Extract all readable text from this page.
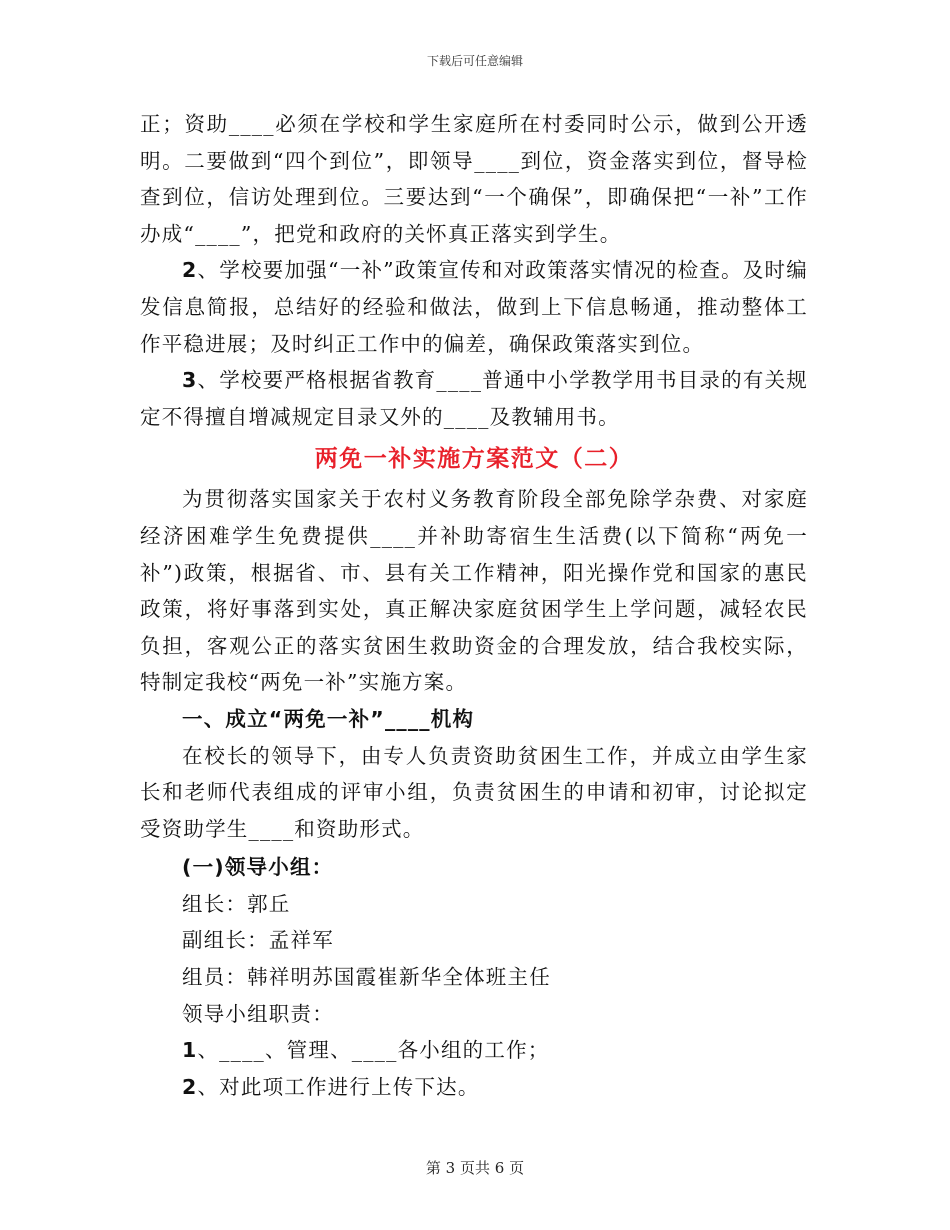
下载后可任意编辑

正；资助____必须在学校和学生家庭所在村委同时公示，做到公开透明。二要做到“四个到位”，即领导____到位，资金落实到位，督导检查到位，信访处理到位。三要达到“一个确保”，即确保把“一补”工作办成“____”，把党和政府的关怀真正落实到学生。

2、学校要加强“一补”政策宣传和对政策落实情况的检查。及时编发信息简报，总结好的经验和做法，做到上下信息畅通，推动整体工作平稳进展；及时纠正工作中的偏差，确保政策落实到位。

3、学校要严格根据省教育____普通中小学教学用书目录的有关规定不得擅自增减规定目录又外的____及教辅用书。

两免一补实施方案范文（二）

为贯彻落实国家关于农村义务教育阶段全部免除学杂费、对家庭经济困难学生免费提供____并补助寄宿生生活费(以下简称“两免一补”)政策，根据省、市、县有关工作精神，阳光操作党和国家的惠民政策，将好事落到实处，真正解决家庭贫困学生上学问题，减轻农民负担，客观公正的落实贫困生救助资金的合理发放，结合我校实际，特制定我校“两免一补”实施方案。

一、成立“两免一补”____机构

在校长的领导下，由专人负责资助贫困生工作，并成立由学生家长和老师代表组成的评审小组，负责贫困生的申请和初审，讨论拟定受资助学生____和资助形式。

(一)领导小组：

组长：郭丘

副组长：孟祥军

组员：韩祥明苏国霞崔新华全体班主任

领导小组职责：

1、____、管理、____各小组的工作；

2、对此项工作进行上传下达。

第 3 页共 6 页
